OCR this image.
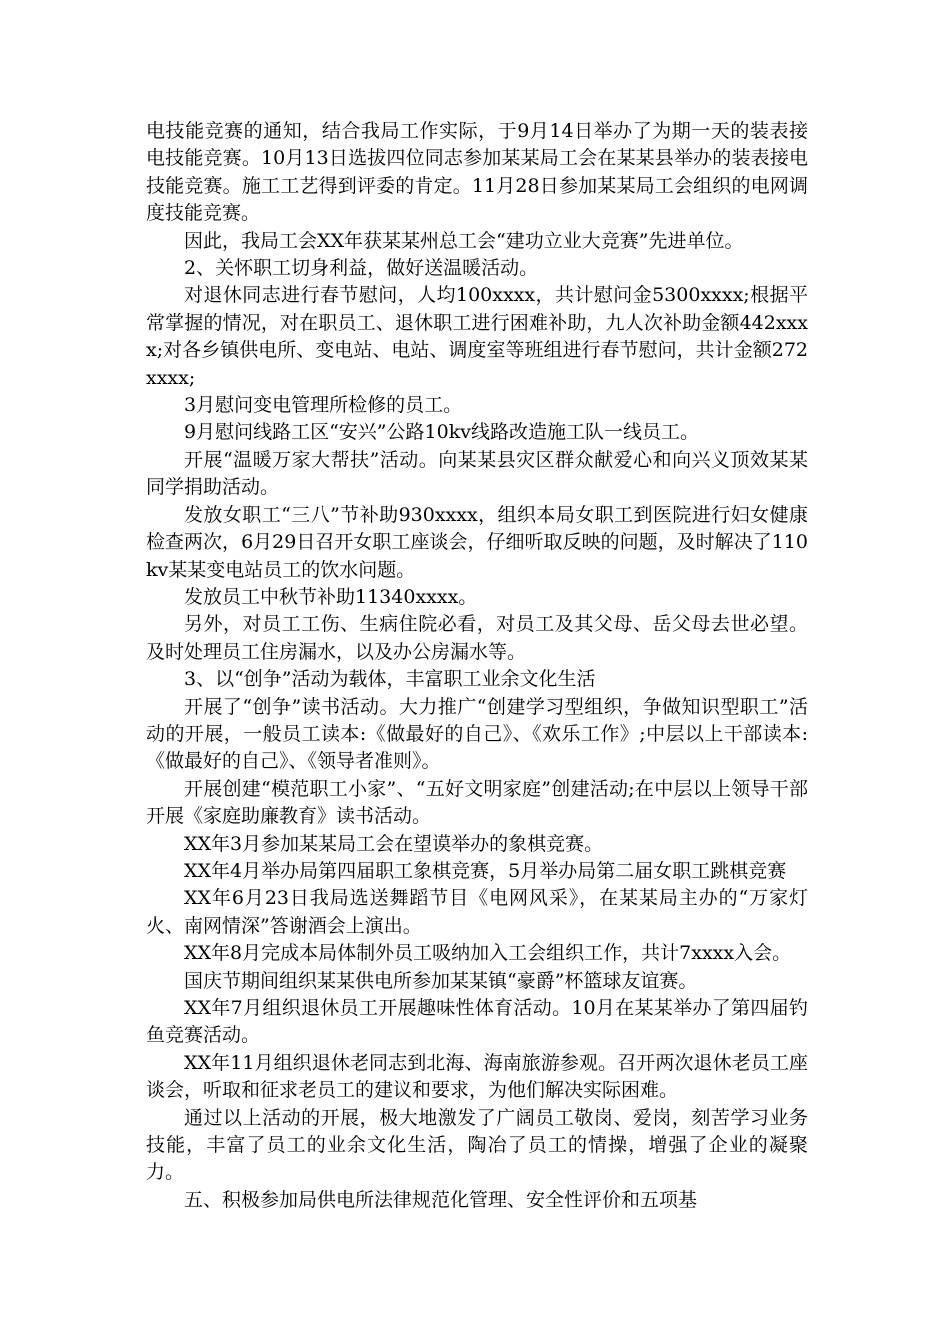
电技能竞赛的通知，结合我局工作实际，于9月14日举办了为期一天的装表接电技能竞赛。10月13日选拔四位同志参加某某局工会在某某县举办的装表接电技能竞赛。施工工艺得到评委的肯定。11月28日参加某某局工会组织的电网调度技能竞赛。

因此，我局工会XX年获某某州总工会“建功立业大竞赛”先进单位。

2、关怀职工切身利益，做好送温暖活动。

对退休同志进行春节慰问，人均100xxxx，共计慰问金5300xxxx;根据平常掌握的情况，对在职员工、退休职工进行困难补助，九人次补助金额442xxxx;对各乡镇供电所、变电站、电站、调度室等班组进行春节慰问，共计金额272xxxx;

3月慰问变电管理所检修的员工。

9月慰问线路工区“安兴”公路10kv线路改造施工队一线员工。

开展“温暖万家大帮扶”活动。向某某县灾区群众献爱心和向兴义顶效某某同学捐助活动。

发放女职工“三八”节补助930xxxx，组织本局女职工到医院进行妇女健康检查两次，6月29日召开女职工座谈会，仔细听取反映的问题，及时解决了110kv某某变电站员工的饮水问题。

发放员工中秋节补助11340xxxx。

另外，对员工工伤、生病住院必看，对员工及其父母、岳父母去世必望。及时处理员工住房漏水，以及办公房漏水等。

3、以“创争”活动为载体，丰富职工业余文化生活

开展了“创争”读书活动。大力推广“创建学习型组织，争做知识型职工”活动的开展，一般员工读本:《做最好的自己》、《欢乐工作》;中层以上干部读本:《做最好的自己》、《领导者准则》。

开展创建“模范职工小家”、“五好文明家庭”创建活动;在中层以上领导干部开展《家庭助廉教育》读书活动。

XX年3月参加某某局工会在望谟举办的象棋竞赛。

XX年4月举办局第四届职工象棋竞赛，5月举办局第二届女职工跳棋竞赛

XX年6月23日我局选送舞蹈节目《电网风采》，在某某局主办的“万家灯火、南网情深”答谢酒会上演出。

XX年8月完成本局体制外员工吸纳加入工会组织工作，共计7xxxx入会。

国庆节期间组织某某供电所参加某某镇“豪爵”杯篮球友谊赛。

XX年7月组织退休员工开展趣味性体育活动。10月在某某举办了第四届钓鱼竞赛活动。

XX年11月组织退休老同志到北海、海南旅游参观。召开两次退休老员工座谈会，听取和征求老员工的建议和要求，为他们解决实际困难。

通过以上活动的开展，极大地激发了广阔员工敬岗、爱岗，刻苦学习业务技能，丰富了员工的业余文化生活，陶冶了员工的情操，增强了企业的凝聚力。

五、积极参加局供电所法律规范化管理、安全性评价和五项基
